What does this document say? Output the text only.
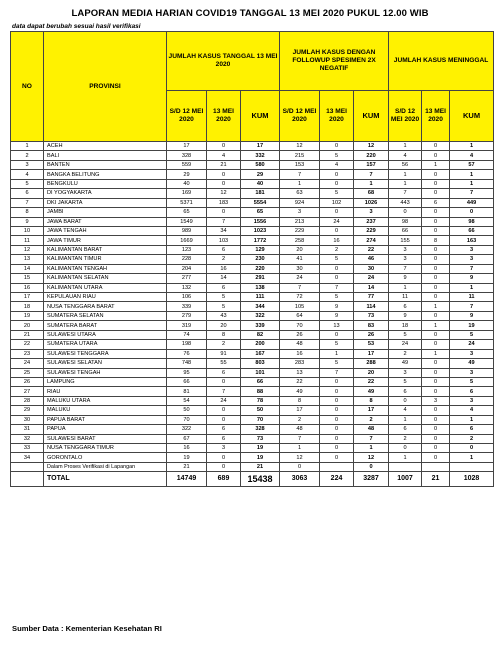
LAPORAN MEDIA HARIAN COVID19 TANGGAL 13 MEI 2020 PUKUL 12.00 WIB
data dapat berubah sesuai hasil verifikasi
NO	PROVINSI	JUMLAH KASUS TANGGAL 13 MEI 2020			JUMLAH KASUS DENGAN FOLLOWUP SPESIMEN 2X NEGATIF			JUMLAH KASUS MENINGGAL		
		S/D 12 MEI 2020	13 MEI 2020	KUM	S/D 12 MEI 2020	13 MEI 2020	KUM	S/D 12 MEI 2020	13 MEI 2020	KUM
1	ACEH	17	0	17	12	0	12	1	0	1
2	BALI	328	4	332	215	5	220	4	0	4
3	BANTEN	559	21	580	153	4	157	56	1	57
4	BANGKA BELITUNG	29	0	29	7	0	7	1	0	1
5	BENGKULU	40	0	40	1	0	1	1	0	1
6	DI YOGYAKARTA	169	12	181	63	5	68	7	0	7
7	DKI JAKARTA	5371	183	5554	924	102	1026	443	6	449
8	JAMBI	65	0	65	3	0	3	0	0	0
9	JAWA BARAT	1549	7	1556	213	24	237	98	0	98
10	JAWA TENGAH	989	34	1023	229	0	229	66	0	66
11	JAWA TIMUR	1669	103	1772	258	16	274	155	8	163
12	KALIMANTAN BARAT	123	6	129	20	2	22	3	0	3
13	KALIMANTAN TIMUR	228	2	230	41	5	46	3	0	3
14	KALIMANTAN TENGAH	204	16	220	30	0	30	7	0	7
15	KALIMANTAN SELATAN	277	14	291	24	0	24	9	0	9
16	KALIMANTAN UTARA	132	6	138	7	7	14	1	0	1
17	KEPULAUAN RIAU	106	5	111	72	5	77	11	0	11
18	NUSA TENGGARA BARAT	339	5	344	105	9	114	6	1	7
19	SUMATERA SELATAN	279	43	322	64	9	73	9	0	9
20	SUMATERA BARAT	319	20	339	70	13	83	18	1	19
21	SULAWESI UTARA	74	8	82	26	0	26	5	0	5
22	SUMATERA UTARA	198	2	200	48	5	53	24	0	24
23	SULAWESI TENGGARA	76	91	167	16	1	17	2	1	3
24	SULAWESI SELATAN	748	55	803	283	5	288	49	0	49
25	SULAWESI TENGAH	95	6	101	13	7	20	3	0	3
26	LAMPUNG	66	0	66	22	0	22	5	0	5
27	RIAU	81	7	88	49	0	49	6	0	6
28	MALUKU UTARA	54	24	78	8	0	8	0	3	3
29	MALUKU	50	0	50	17	0	17	4	0	4
30	PAPUA BARAT	70	0	70	2	0	2	1	0	1
31	PAPUA	322	6	328	48	0	48	6	0	6
32	SULAWESI BARAT	67	6	73	7	0	7	2	0	2
33	NUSA TENGGARA TIMUR	16	3	19	1	0	1	0	0	0
34	GORONTALO	19	0	19	12	0	12	1	0	1
	Dalam Proses Verifikasi di Lapangan	21	0	21	0		0			
	TOTAL	14749	689	15438	3063	224	3287	1007	21	1028
Sumber Data : Kementerian Kesehatan RI
